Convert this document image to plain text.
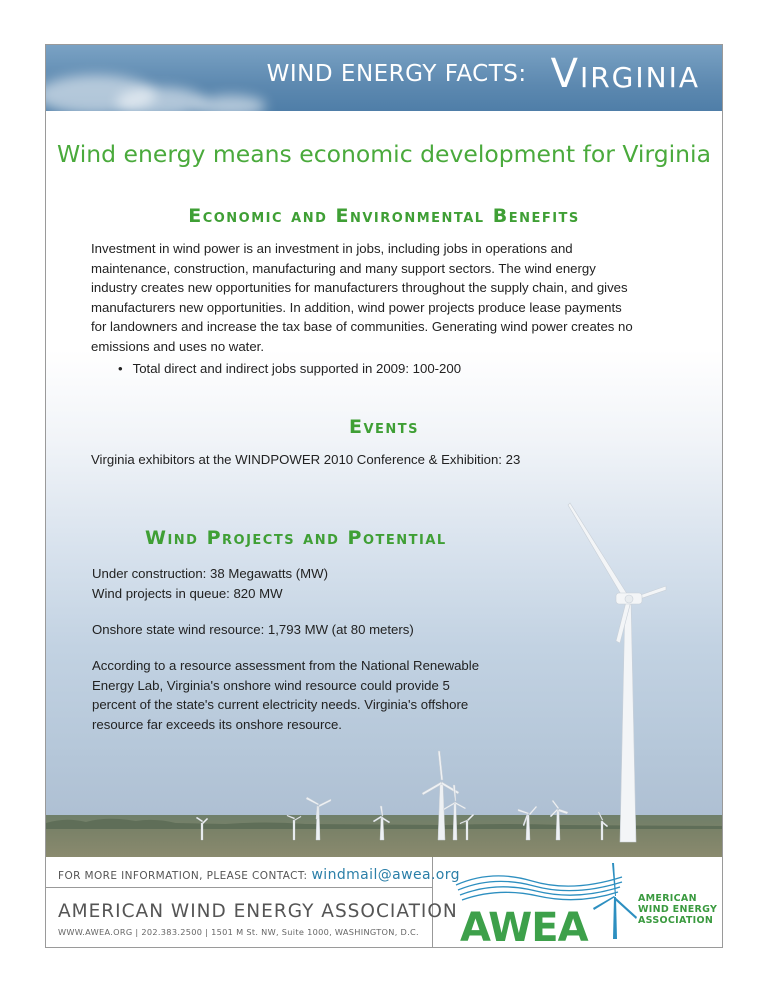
WIND ENERGY FACTS: Virginia
Wind energy means economic development for Virginia
Economic and Environmental Benefits
Investment in wind power is an investment in jobs, including jobs in operations and
maintenance, construction, manufacturing and many support sectors. The wind energy
industry creates new opportunities for manufacturers throughout the supply chain, and gives
manufacturers new opportunities. In addition, wind power projects produce lease payments
for landowners and increase the tax base of communities. Generating wind power creates no
emissions and uses no water.
• Total direct and indirect jobs supported in 2009: 100-200
Events
Virginia exhibitors at the WINDPOWER 2010 Conference & Exhibition: 23
Wind Projects and Potential
Under construction: 38 Megawatts (MW)
Wind projects in queue: 820 MW
Onshore state wind resource: 1,793 MW (at 80 meters)
According to a resource assessment from the National Renewable
Energy Lab, Virginia's onshore wind resource could provide 5
percent of the state's current electricity needs. Virginia's offshore
resource far exceeds its onshore resource.
FOR MORE INFORMATION, PLEASE CONTACT: windmail@awea.org
AMERICAN WIND ENERGY ASSOCIATION
WWW.AWEA.ORG | 202.383.2500 | 1501 M St. NW, Suite 1000, WASHINGTON, D.C. AWEA
AMERICAN
WIND ENERGY
ASSOCIATION
